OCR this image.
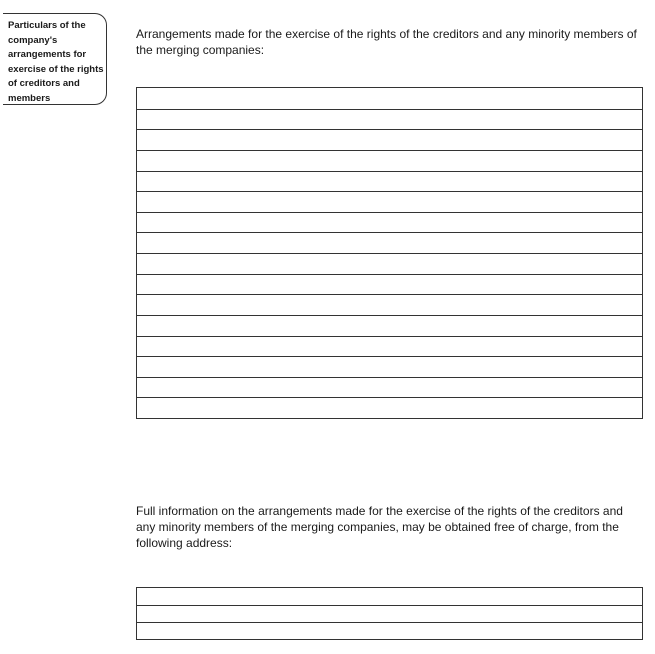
Particulars of the
company's
arrangements for
exercise of the rights
of creditors and
members
Arrangements made for the exercise of the rights of the creditors and any minority members of the merging companies:
Full information on the arrangements made for the exercise of the rights of the creditors and any minority members of the merging companies, may be obtained free of charge, from the following address:
